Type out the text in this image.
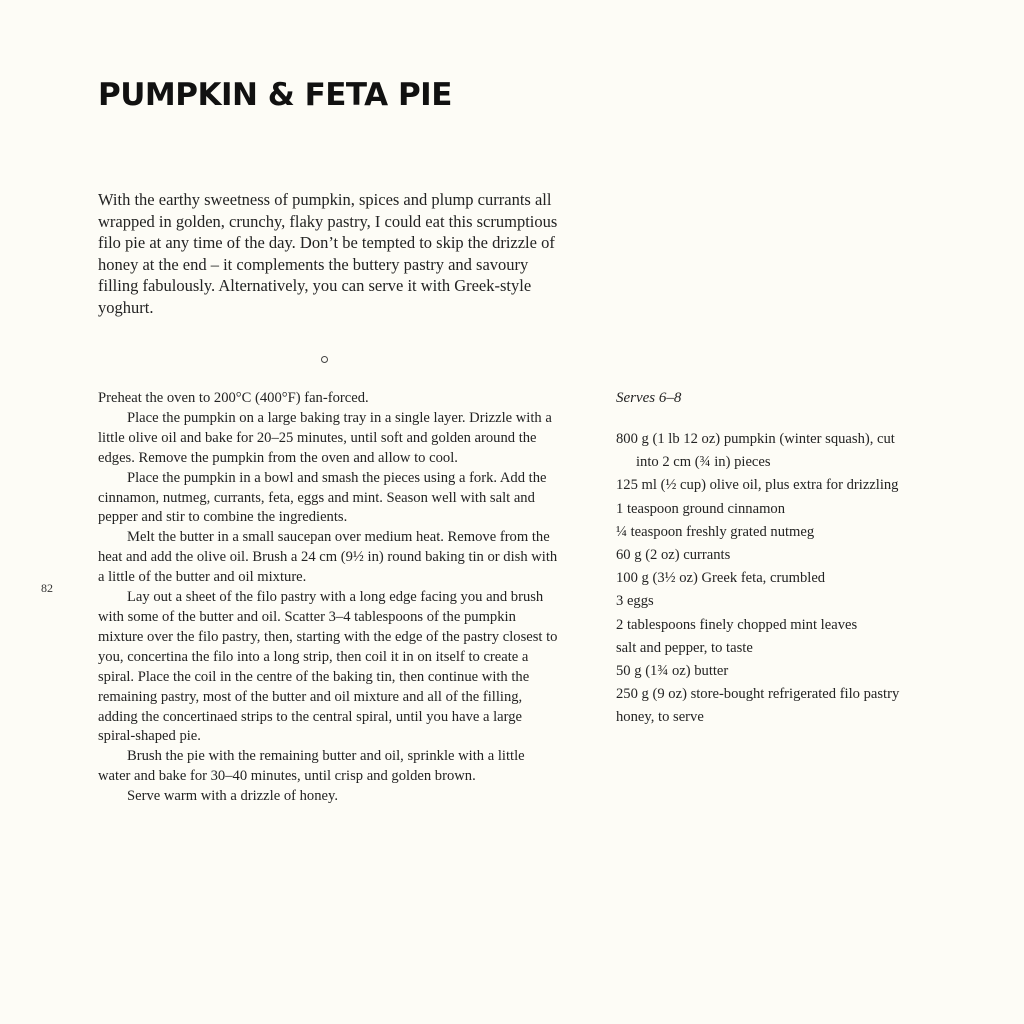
PUMPKIN & FETA PIE

With the earthy sweetness of pumpkin, spices and plump currants all wrapped in golden, crunchy, flaky pastry, I could eat this scrumptious filo pie at any time of the day. Don’t be tempted to skip the drizzle of honey at the end – it complements the buttery pastry and savoury filling fabulously. Alternatively, you can serve it with Greek-style yoghurt.

Preheat the oven to 200°C (400°F) fan-forced.

Place the pumpkin on a large baking tray in a single layer. Drizzle with a little olive oil and bake for 20–25 minutes, until soft and golden around the edges. Remove the pumpkin from the oven and allow to cool.

Place the pumpkin in a bowl and smash the pieces using a fork. Add the cinnamon, nutmeg, currants, feta, eggs and mint. Season well with salt and pepper and stir to combine the ingredients.

Melt the butter in a small saucepan over medium heat. Remove from the heat and add the olive oil. Brush a 24 cm (9½ in) round baking tin or dish with a little of the butter and oil mixture.

Lay out a sheet of the filo pastry with a long edge facing you and brush with some of the butter and oil. Scatter 3–4 tablespoons of the pumpkin mixture over the filo pastry, then, starting with the edge of the pastry closest to you, concertina the filo into a long strip, then coil it in on itself to create a spiral. Place the coil in the centre of the baking tin, then continue with the remaining pastry, most of the butter and oil mixture and all of the filling, adding the concertinaed strips to the central spiral, until you have a large spiral-shaped pie.

Brush the pie with the remaining butter and oil, sprinkle with a little water and bake for 30–40 minutes, until crisp and golden brown.

Serve warm with a drizzle of honey.

82
Serves 6–8
800 g (1 lb 12 oz) pumpkin (winter squash), cut into 2 cm (¾ in) pieces
125 ml (½ cup) olive oil, plus extra for drizzling
1 teaspoon ground cinnamon
¼ teaspoon freshly grated nutmeg
60 g (2 oz) currants
100 g (3½ oz) Greek feta, crumbled
3 eggs
2 tablespoons finely chopped mint leaves
salt and pepper, to taste
50 g (1¾ oz) butter
250 g (9 oz) store-bought refrigerated filo pastry
honey, to serve
